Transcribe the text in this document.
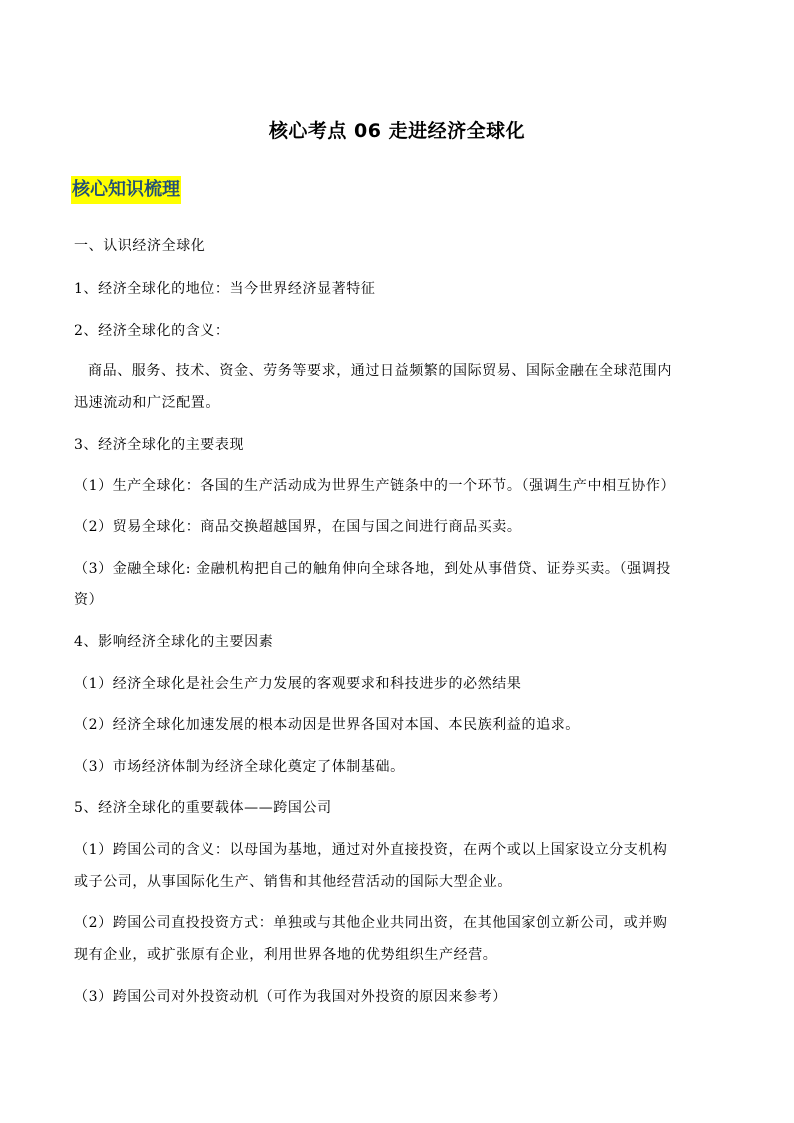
核心考点 06 走进经济全球化
核心知识梳理
一、认识经济全球化
1、经济全球化的地位：当今世界经济显著特征
2、经济全球化的含义：
商品、服务、技术、资金、劳务等要求，通过日益频繁的国际贸易、国际金融在全球范围内
迅速流动和广泛配置。
3、经济全球化的主要表现
（1）生产全球化：各国的生产活动成为世界生产链条中的一个环节。（强调生产中相互协作）
（2）贸易全球化：商品交换超越国界，在国与国之间进行商品买卖。
（3）金融全球化: 金融机构把自己的触角伸向全球各地，到处从事借贷、证券买卖。（强调投
资）
4、影响经济全球化的主要因素
（1）经济全球化是社会生产力发展的客观要求和科技进步的必然结果
（2）经济全球化加速发展的根本动因是世界各国对本国、本民族利益的追求。
（3）市场经济体制为经济全球化奠定了体制基础。
5、经济全球化的重要载体——跨国公司
（1）跨国公司的含义：以母国为基地，通过对外直接投资，在两个或以上国家设立分支机构
或子公司，从事国际化生产、销售和其他经营活动的国际大型企业。
（2）跨国公司直投投资方式：单独或与其他企业共同出资，在其他国家创立新公司，或并购
现有企业，或扩张原有企业，利用世界各地的优势组织生产经营。
（3）跨国公司对外投资动机（可作为我国对外投资的原因来参考）
